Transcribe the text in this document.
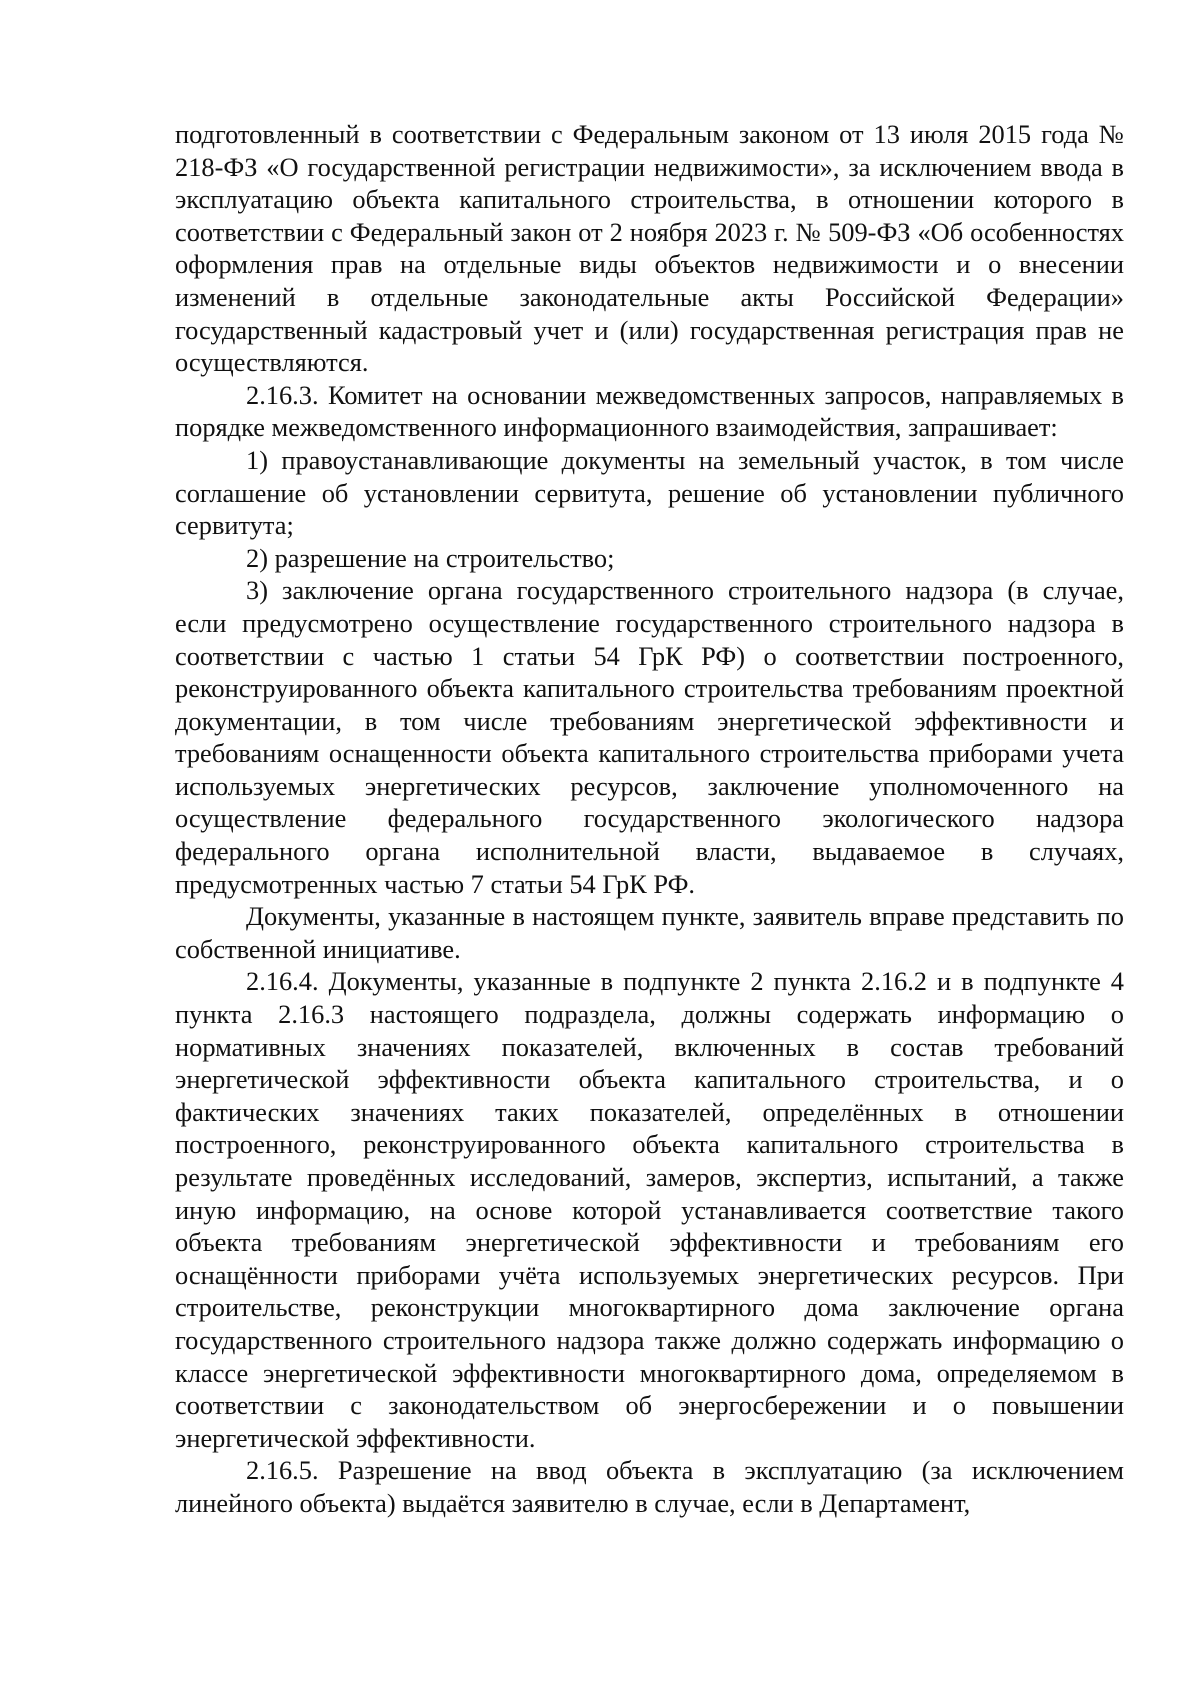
подготовленный в соответствии с Федеральным законом от 13 июля 2015 года № 218-ФЗ «О государственной регистрации недвижимости», за исключением ввода в эксплуатацию объекта капитального строительства, в отношении которого в соответствии с Федеральный закон от 2 ноября 2023 г. № 509-ФЗ «Об особенностях оформления прав на отдельные виды объектов недвижимости и о внесении изменений в отдельные законодательные акты Российской Федерации» государственный кадастровый учет и (или) государственная регистрация прав не осуществляются.

2.16.3. Комитет на основании межведомственных запросов, направляемых в порядке межведомственного информационного взаимодействия, запрашивает:

1) правоустанавливающие документы на земельный участок, в том числе соглашение об установлении сервитута, решение об установлении публичного сервитута;

2) разрешение на строительство;

3) заключение органа государственного строительного надзора (в случае, если предусмотрено осуществление государственного строительного надзора в соответствии с частью 1 статьи 54 ГрК РФ) о соответствии построенного, реконструированного объекта капитального строительства требованиям проектной документации, в том числе требованиям энергетической эффективности и требованиям оснащенности объекта капитального строительства приборами учета используемых энергетических ресурсов, заключение уполномоченного на осуществление федерального государственного экологического надзора федерального органа исполнительной власти, выдаваемое в случаях, предусмотренных частью 7 статьи 54 ГрК РФ.

Документы, указанные в настоящем пункте, заявитель вправе представить по собственной инициативе.

2.16.4. Документы, указанные в подпункте 2 пункта 2.16.2 и в подпункте 4 пункта 2.16.3 настоящего подраздела, должны содержать информацию о нормативных значениях показателей, включенных в состав требований энергетической эффективности объекта капитального строительства, и о фактических значениях таких показателей, определённых в отношении построенного, реконструированного объекта капитального строительства в результате проведённых исследований, замеров, экспертиз, испытаний, а также иную информацию, на основе которой устанавливается соответствие такого объекта требованиям энергетической эффективности и требованиям его оснащённости приборами учёта используемых энергетических ресурсов. При строительстве, реконструкции многоквартирного дома заключение органа государственного строительного надзора также должно содержать информацию о классе энергетической эффективности многоквартирного дома, определяемом в соответствии с законодательством об энергосбережении и о повышении энергетической эффективности.

2.16.5. Разрешение на ввод объекта в эксплуатацию (за исключением линейного объекта) выдаётся заявителю в случае, если в Департамент,
